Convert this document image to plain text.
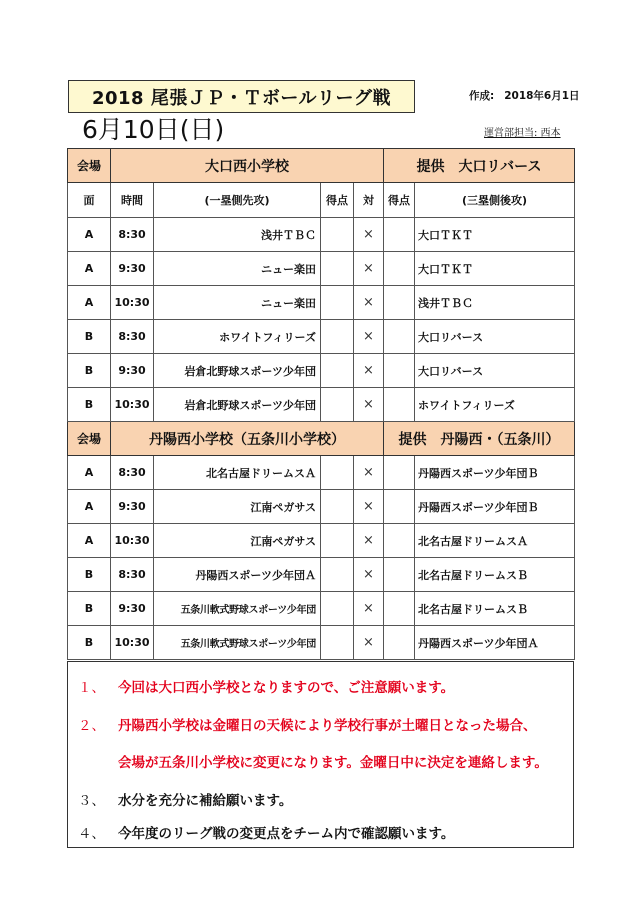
2018 尾張ＪＰ・Ｔボールリーグ戦	作成: 2018年6月1日
6月10日(日)	運営部担当: 西本
会場	大口西小学校				提供　大口リバース	
面	時間	(一塁側先攻)	得点	対	得点	(三塁側後攻)
A	8:30	浅井ＴＢＣ		×		大口ＴＫＴ
A	9:30	ニュー楽田		×		大口ＴＫＴ
A	10:30	ニュー楽田		×		浅井ＴＢＣ
B	8:30	ホワイトフィリーズ		×		大口リバース
B	9:30	岩倉北野球スポーツ少年団		×		大口リバース
B	10:30	岩倉北野球スポーツ少年団		×		ホワイトフィリーズ
会場	丹陽西小学校（五条川小学校）				提供　丹陽西・（五条川）	
A	8:30	北名古屋ドリームスＡ		×		丹陽西スポーツ少年団Ｂ
A	9:30	江南ペガサス		×		丹陽西スポーツ少年団Ｂ
A	10:30	江南ペガサス		×		北名古屋ドリームスＡ
B	8:30	丹陽西スポーツ少年団Ａ		×		北名古屋ドリームスＢ
B	9:30	五条川軟式野球スポーツ少年団		×		北名古屋ドリームスＢ
B	10:30	五条川軟式野球スポーツ少年団		×		丹陽西スポーツ少年団Ａ
１、 今回は大口西小学校となりますので、ご注意願います。
２、 丹陽西小学校は金曜日の天候により学校行事が土曜日となった場合、
会場が五条川小学校に変更になります。金曜日中に決定を連絡します。
３、 水分を充分に補給願います。
４、 今年度のリーグ戦の変更点をチーム内で確認願います。
